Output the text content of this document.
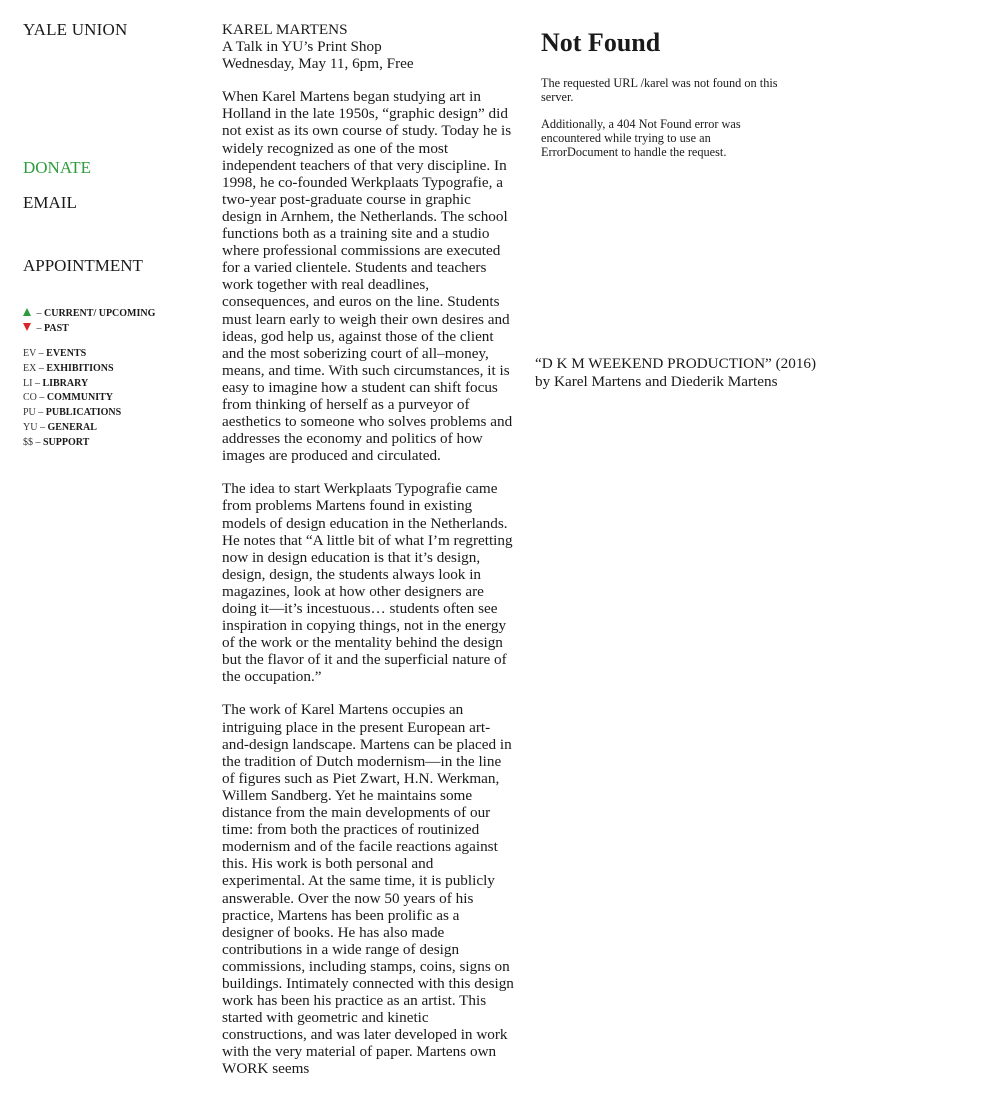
YALE UNION
DONATE
EMAIL
APPOINTMENT
– CURRENT/ UPCOMING
– PAST
EV – EVENTS
EX – EXHIBITIONS
LI – LIBRARY
CO – COMMUNITY
PU – PUBLICATIONS
YU – GENERAL
$$ – SUPPORT
KAREL MARTENS
A Talk in YU’s Print Shop
Wednesday, May 11, 6pm, Free

When Karel Martens began studying art in Holland in the late 1950s, “graphic design” did not exist as its own course of study. Today he is widely recognized as one of the most independent teachers of that very discipline. In 1998, he co-founded Werkplaats Typografie, a two-year post-graduate course in graphic design in Arnhem, the Netherlands. The school functions both as a training site and a studio where professional commissions are executed for a varied clientele. Students and teachers work together with real deadlines, consequences, and euros on the line. Students must learn early to weigh their own desires and ideas, god help us, against those of the client and the most soberizing court of all–money, means, and time. With such circumstances, it is easy to imagine how a student can shift focus from thinking of herself as a purveyor of aesthetics to someone who solves problems and addresses the economy and politics of how images are produced and circulated.

The idea to start Werkplaats Typografie came from problems Martens found in existing models of design education in the Netherlands. He notes that “A little bit of what I’m regretting now in design education is that it’s design, design, design, the students always look in magazines, look at how other designers are doing it—it’s incestuous… students often see inspiration in copying things, not in the energy of the work or the mentality behind the design but the flavor of it and the superficial nature of the occupation.”

The work of Karel Martens occupies an intriguing place in the present European art-and-design landscape. Martens can be placed in the tradition of Dutch modernism—in the line of figures such as Piet Zwart, H.N. Werkman, Willem Sandberg. Yet he maintains some distance from the main developments of our time: from both the practices of routinized modernism and of the facile reactions against this. His work is both personal and experimental. At the same time, it is publicly answerable. Over the now 50 years of his practice, Martens has been prolific as a designer of books. He has also made contributions in a wide range of design commissions, including stamps, coins, signs on buildings. Intimately connected with this design work has been his practice as an artist. This started with geometric and kinetic constructions, and was later developed in work with the very material of paper. Martens own WORK seems

Not Found

The requested URL /karel was not found on this server.

Additionally, a 404 Not Found error was encountered while trying to use an ErrorDocument to handle the request.

“D K M WEEKEND PRODUCTION” (2016)
by Karel Martens and Diederik Martens
